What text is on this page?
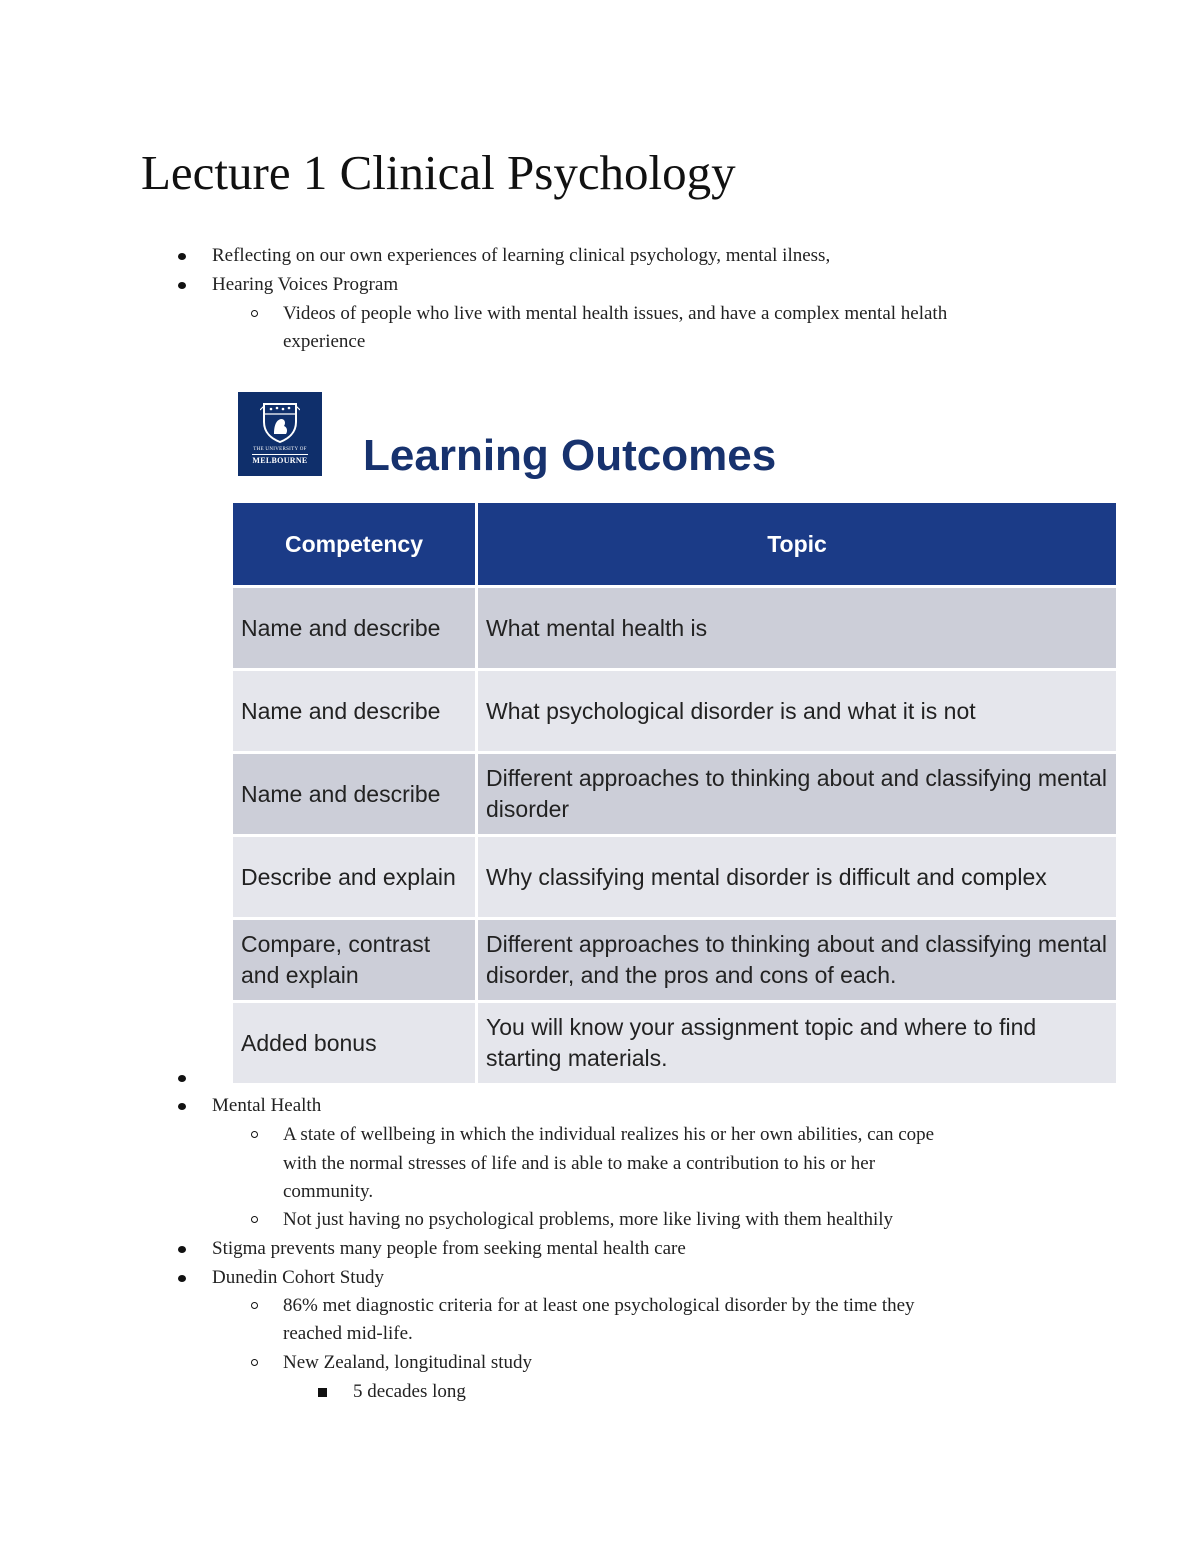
Lecture 1 Clinical Psychology
Reflecting on our own experiences of learning clinical psychology, mental ilness,
Hearing Voices Program
Videos of people who live with mental health issues, and have a complex mental helath
experience
THE UNIVERSITY OF
MELBOURNE Learning Outcomes
Competency	Topic
Name and describe	What mental health is
Name and describe	What psychological disorder is and what it is not
Name and describe	Different approaches to thinking about and classifying mental disorder
Describe and explain	Why classifying mental disorder is difficult and complex
Compare, contrast and explain	Different approaches to thinking about and classifying mental disorder, and the pros and cons of each.
Added bonus	You will know your assignment topic and where to find starting materials.
Mental Health
A state of wellbeing in which the individual realizes his or her own abilities, can cope
with the normal stresses of life and is able to make a contribution to his or her
community.
Not just having no psychological problems, more like living with them healthily
Stigma prevents many people from seeking mental health care
Dunedin Cohort Study
86% met diagnostic criteria for at least one psychological disorder by the time they
reached mid-life.
New Zealand, longitudinal study
5 decades long
